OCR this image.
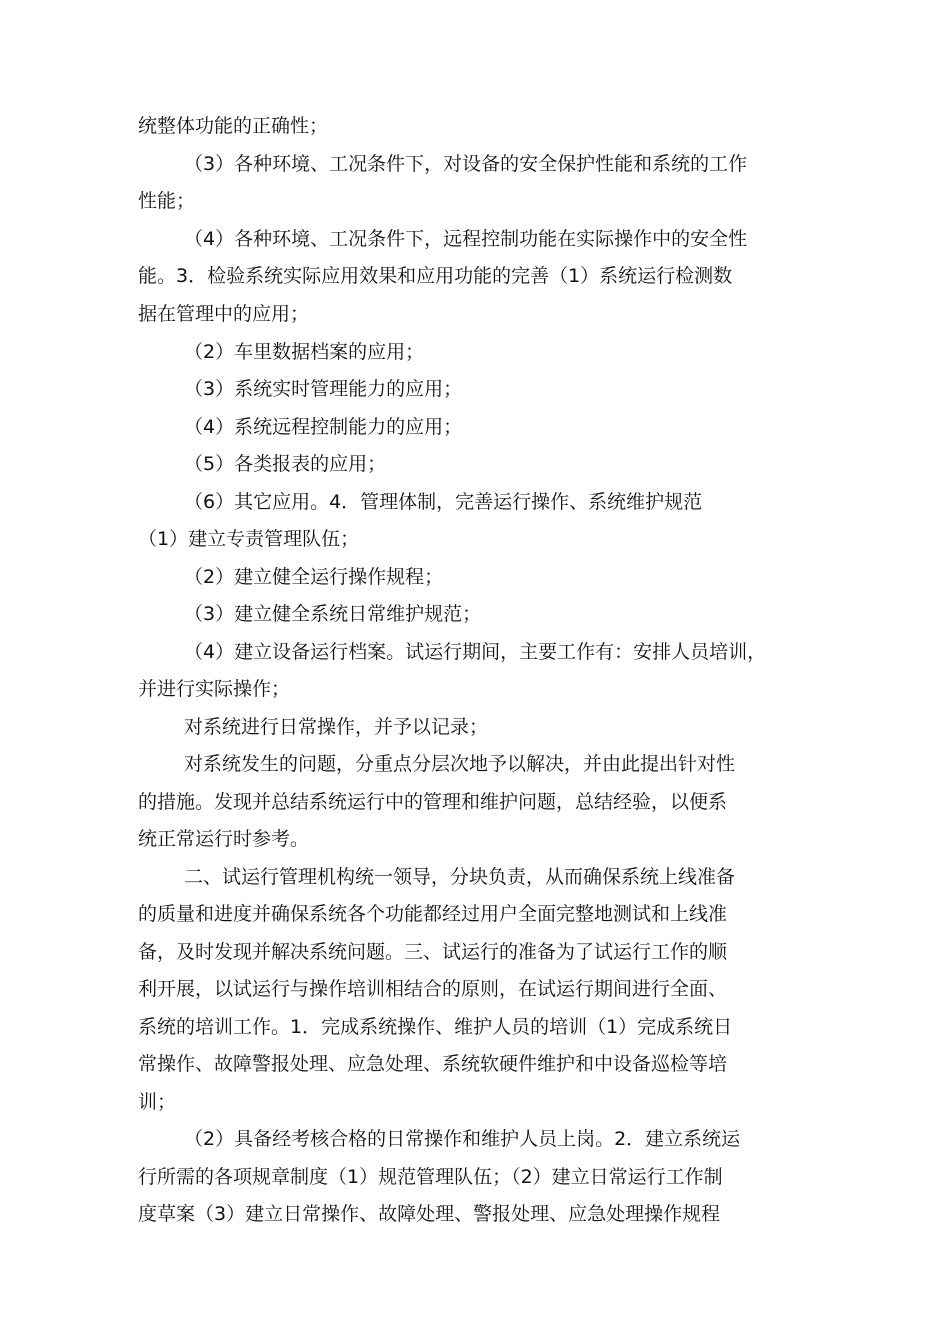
统整体功能的正确性；
（3）各种环境、工况条件下，对设备的安全保护性能和系统的工作
性能；
（4）各种环境、工况条件下，远程控制功能在实际操作中的安全性
能。3．检验系统实际应用效果和应用功能的完善（1）系统运行检测数
据在管理中的应用；
（2）车里数据档案的应用；
（3）系统实时管理能力的应用；
（4）系统远程控制能力的应用；
（5）各类报表的应用；
（6）其它应用。4．管理体制，完善运行操作、系统维护规范
（1）建立专责管理队伍；
（2）建立健全运行操作规程；
（3）建立健全系统日常维护规范；
（4）建立设备运行档案。试运行期间，主要工作有：安排人员培训，
并进行实际操作；
对系统进行日常操作，并予以记录；
对系统发生的问题，分重点分层次地予以解决，并由此提出针对性
的措施。发现并总结系统运行中的管理和维护问题，总结经验，以便系
统正常运行时参考。
二、试运行管理机构统一领导，分块负责，从而确保系统上线准备
的质量和进度并确保系统各个功能都经过用户全面完整地测试和上线准
备，及时发现并解决系统问题。三、试运行的准备为了试运行工作的顺
利开展，以试运行与操作培训相结合的原则，在试运行期间进行全面、
系统的培训工作。1．完成系统操作、维护人员的培训（1）完成系统日
常操作、故障警报处理、应急处理、系统软硬件维护和中设备巡检等培
训；
（2）具备经考核合格的日常操作和维护人员上岗。2．建立系统运
行所需的各项规章制度（1）规范管理队伍；（2）建立日常运行工作制
度草案（3）建立日常操作、故障处理、警报处理、应急处理操作规程
